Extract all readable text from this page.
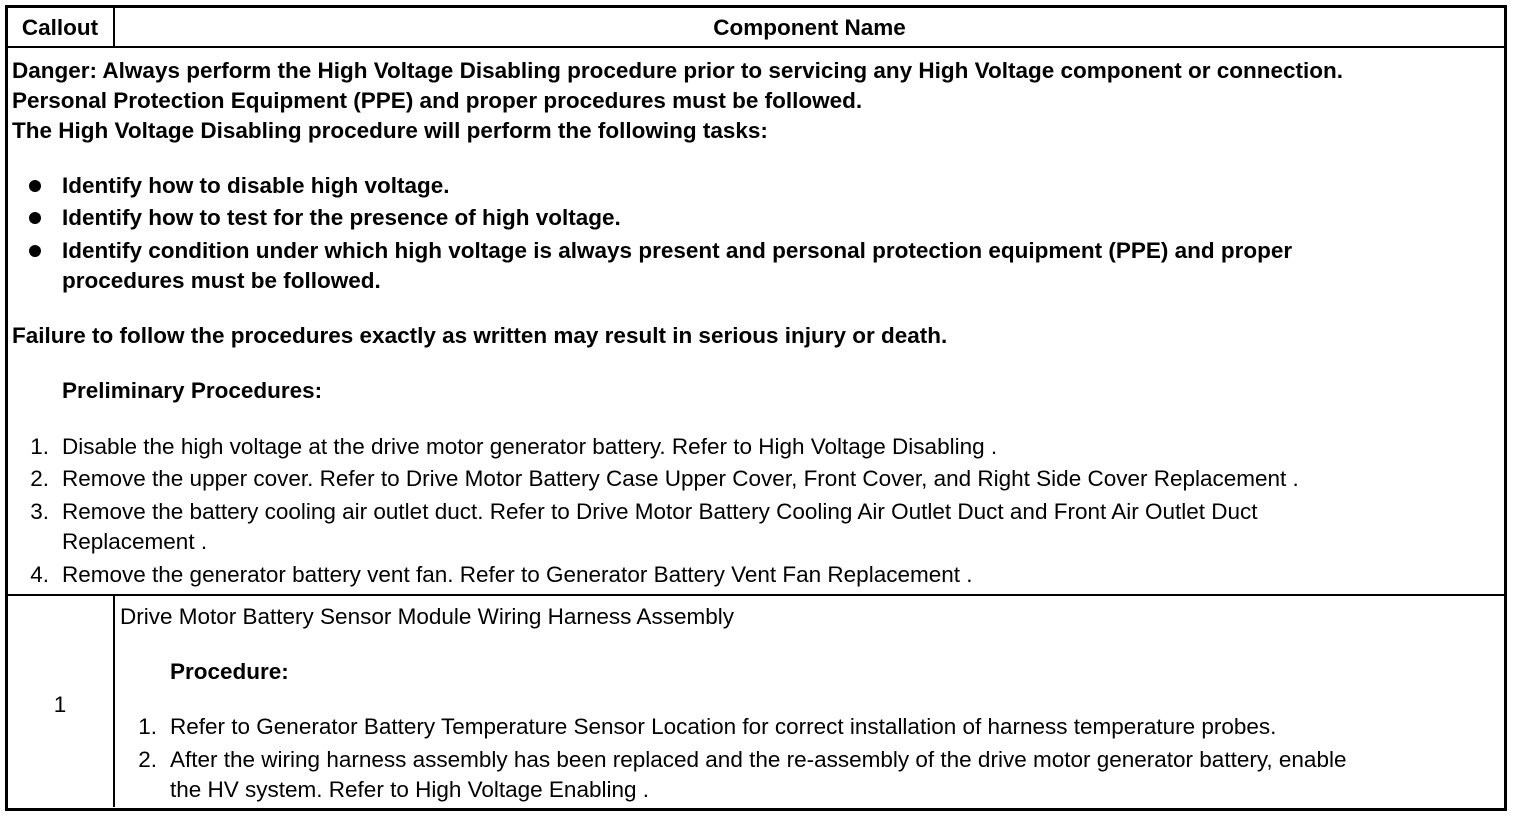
Callout	Component Name
Danger: Always perform the High Voltage Disabling procedure prior to servicing any High Voltage component or connection.
Personal Protection Equipment (PPE) and proper procedures must be followed.
The High Voltage Disabling procedure will perform the following tasks:
Identify how to disable high voltage.
Identify how to test for the presence of high voltage.
Identify condition under which high voltage is always present and personal protection equipment (PPE) and proper
procedures must be followed.
Failure to follow the procedures exactly as written may result in serious injury or death.
Preliminary Procedures:
1. Disable the high voltage at the drive motor generator battery. Refer to High Voltage Disabling .
2. Remove the upper cover. Refer to Drive Motor Battery Case Upper Cover, Front Cover, and Right Side Cover Replacement .
3. Remove the battery cooling air outlet duct. Refer to Drive Motor Battery Cooling Air Outlet Duct and Front Air Outlet Duct
Replacement .
4. Remove the generator battery vent fan. Refer to Generator Battery Vent Fan Replacement .
1
Drive Motor Battery Sensor Module Wiring Harness Assembly
Procedure:
1. Refer to Generator Battery Temperature Sensor Location for correct installation of harness temperature probes.
2. After the wiring harness assembly has been replaced and the re-assembly of the drive motor generator battery, enable
the HV system. Refer to High Voltage Enabling .
